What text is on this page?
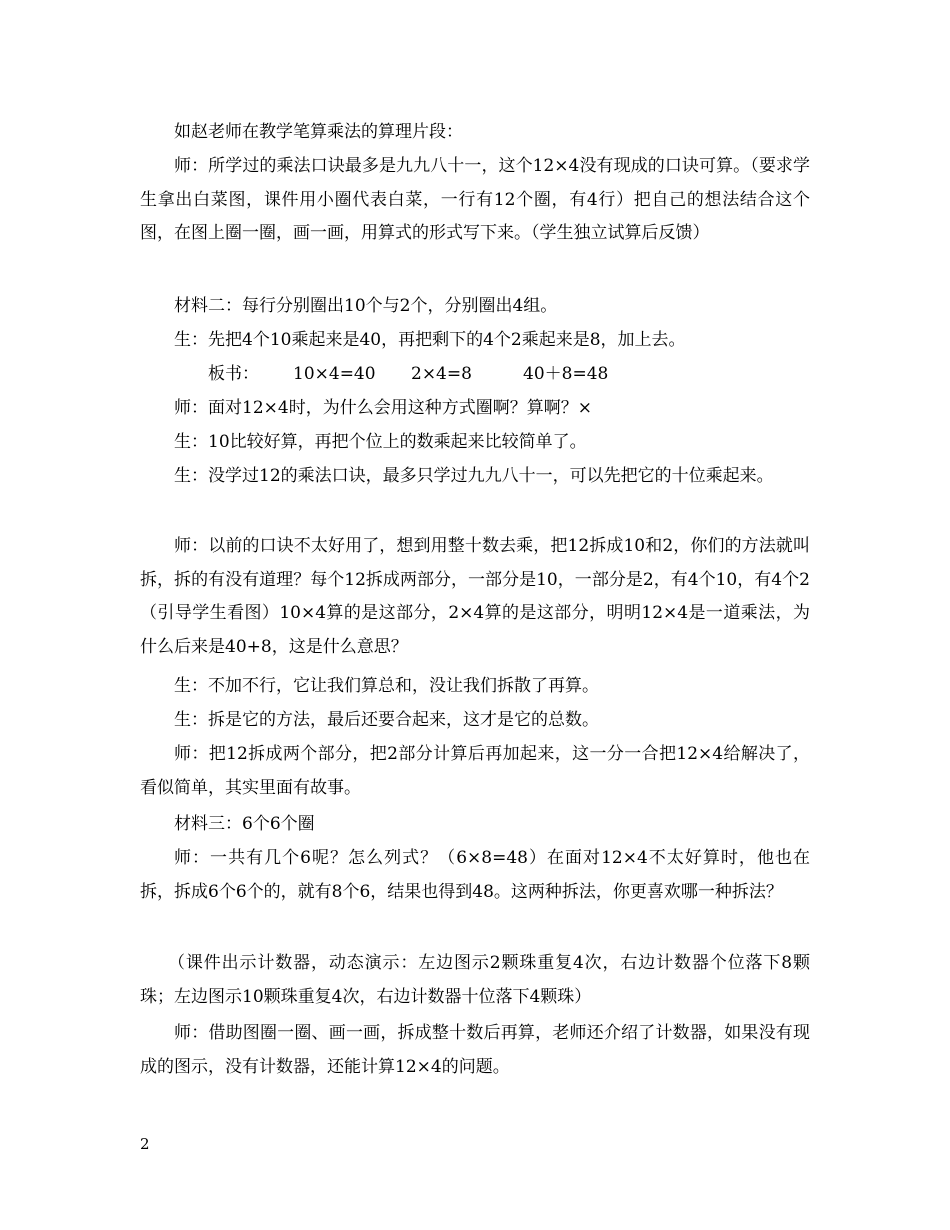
如赵老师在教学笔算乘法的算理片段：

师：所学过的乘法口诀最多是九九八十一，这个12×4没有现成的口诀可算。（要求学生拿出白菜图，课件用小圈代表白菜，一行有12个圈，有4行）把自己的想法结合这个图，在图上圈一圈，画一画，用算式的形式写下来。（学生独立试算后反馈）

材料二：每行分别圈出10个与2个，分别圈出4组。

生：先把4个10乘起来是40，再把剩下的4个2乘起来是8，加上去。

板书： 10×4=40 2×4=8	40＋8=48

师：面对12×4时，为什么会用这种方式圈啊？算啊？×

生：10比较好算，再把个位上的数乘起来比较简单了。

生：没学过12的乘法口诀，最多只学过九九八十一，可以先把它的十位乘起来。

师：以前的口诀不太好用了，想到用整十数去乘，把12拆成10和2，你们的方法就叫拆，拆的有没有道理？每个12拆成两部分，一部分是10，一部分是2，有4个10，有4个2（引导学生看图）10×4算的是这部分，2×4算的是这部分，明明12×4是一道乘法，为什么后来是40+8，这是什么意思？

生：不加不行，它让我们算总和，没让我们拆散了再算。

生：拆是它的方法，最后还要合起来，这才是它的总数。

师：把12拆成两个部分，把2部分计算后再加起来，这一分一合把12×4给解决了，看似简单，其实里面有故事。

材料三：6个6个圈

师：一共有几个6呢？怎么列式？（6×8=48）在面对12×4不太好算时，他也在拆，拆成6个6个的，就有8个6，结果也得到48。这两种拆法，你更喜欢哪一种拆法？

（课件出示计数器，动态演示：左边图示2颗珠重复4次，右边计数器个位落下8颗珠；左边图示10颗珠重复4次，右边计数器十位落下4颗珠）

师：借助图圈一圈、画一画，拆成整十数后再算，老师还介绍了计数器，如果没有现成的图示，没有计数器，还能计算12×4的问题。

2
